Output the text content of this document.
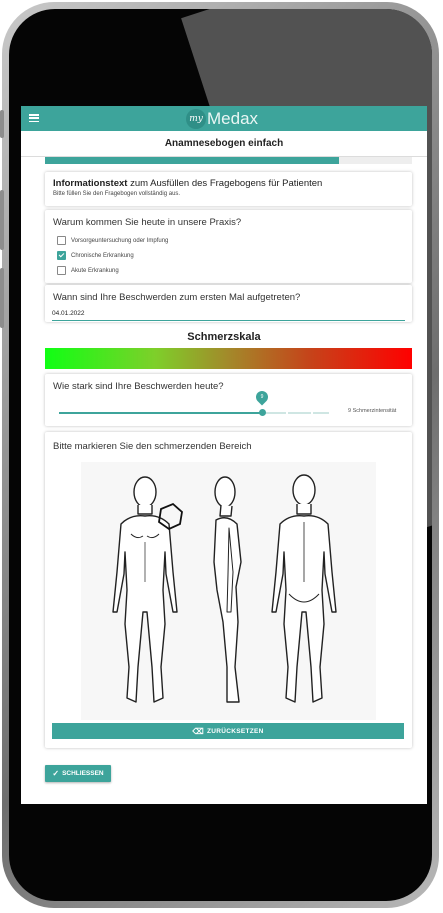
my Medax
Anamnesebogen einfach
Informationstext zum Ausfüllen des Fragebogens für Patienten
Bitte füllen Sie den Fragebogen vollständig aus.
Warum kommen Sie heute in unsere Praxis?
Vorsorgeuntersuchung oder Impfung
Chronische Erkrankung
Akute Erkrankung
Wann sind Ihre Beschwerden zum ersten Mal aufgetreten?
04.01.2022
Schmerzskala
Wie stark sind Ihre Beschwerden heute?
9
9 Schmerzintensität
Bitte markieren Sie den schmerzenden Bereich
⌫ ZURÜCKSETZEN
✓ SCHLIESSEN
